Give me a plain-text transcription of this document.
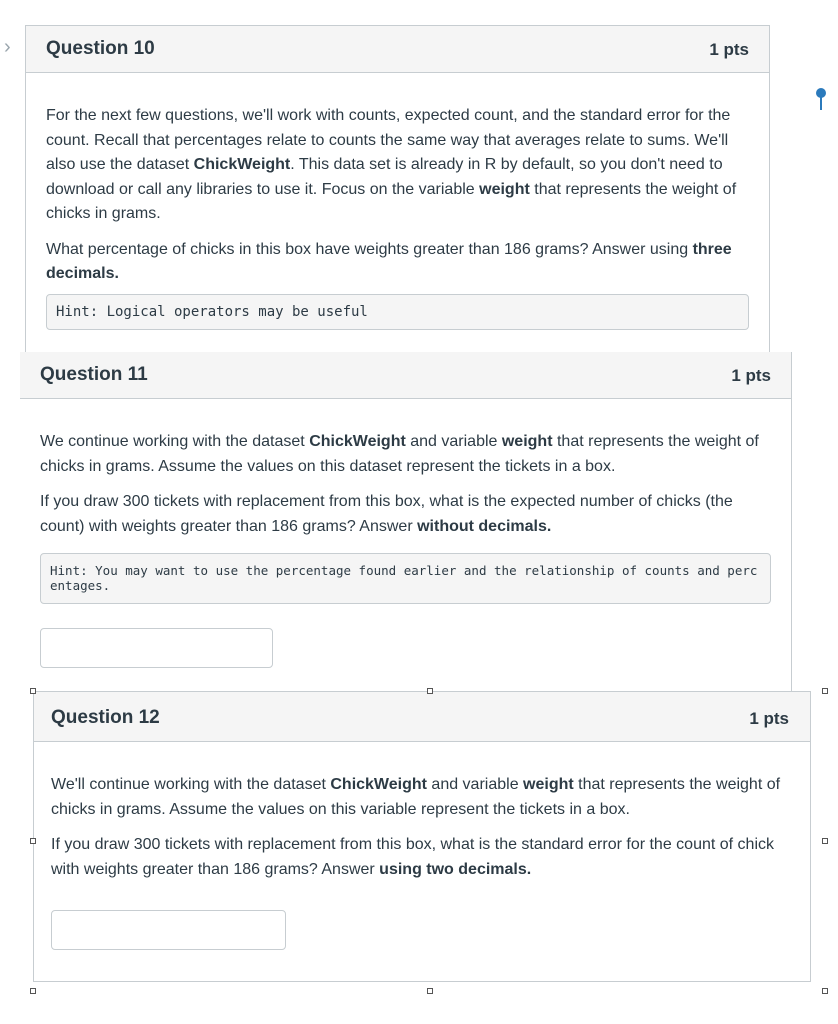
›	Question 10	1 pts

For the next few questions, we'll work with counts, expected count, and the standard error for the count. Recall that percentages relate to counts the same way that averages relate to sums. We'll also use the dataset ChickWeight. This data set is already in R by default, so you don't need to download or call any libraries to use it. Focus on the variable weight that represents the weight of chicks in grams.

What percentage of chicks in this box have weights greater than 186 grams? Answer using three decimals.

Hint: Logical operators may be useful
Question 11	1 pts

We continue working with the dataset ChickWeight and variable weight that represents the weight of chicks in grams. Assume the values on this dataset represent the tickets in a box.

If you draw 300 tickets with replacement from this box, what is the expected number of chicks (the count) with weights greater than 186 grams? Answer without decimals.

Hint: You may want to use the percentage found earlier and the relationship of counts and percentages.
Question 12	1 pts

We'll continue working with the dataset ChickWeight and variable weight that represents the weight of chicks in grams. Assume the values on this variable represent the tickets in a box.

If you draw 300 tickets with replacement from this box, what is the standard error for the count of chick with weights greater than 186 grams? Answer using two decimals.
